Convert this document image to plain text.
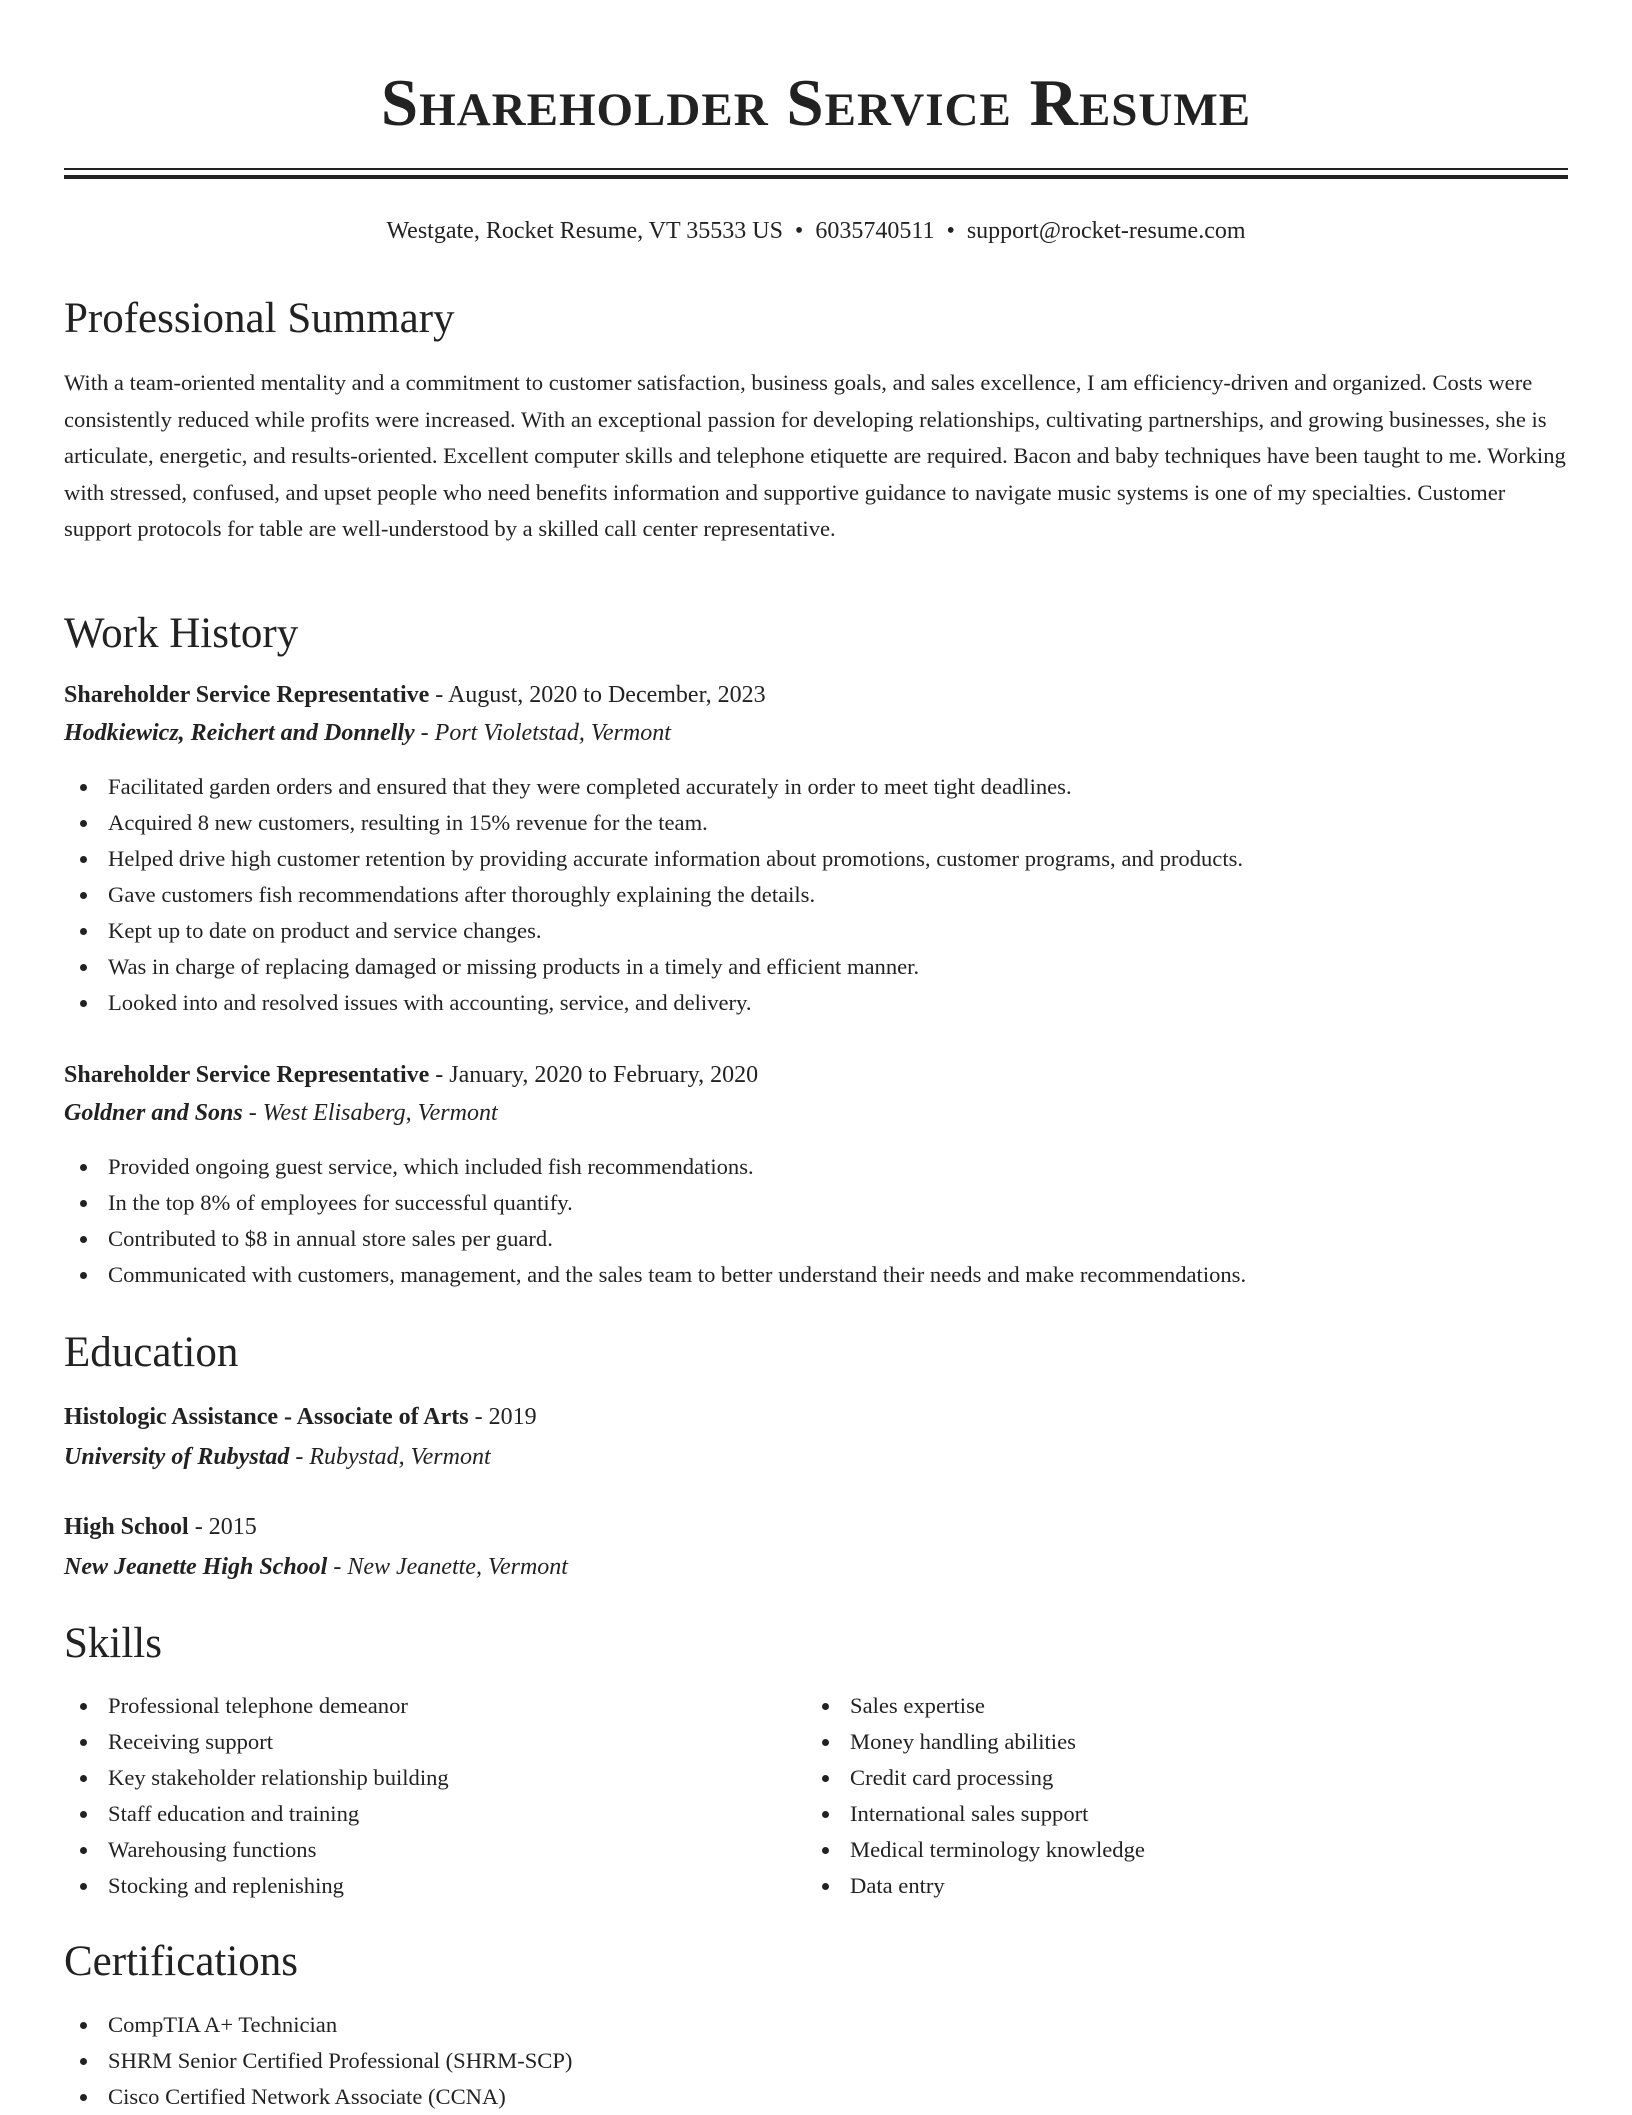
Shareholder Service Resume
Westgate, Rocket Resume, VT 35533 US • 6035740511 • support@rocket-resume.com
Professional Summary

With a team-oriented mentality and a commitment to customer satisfaction, business goals, and sales excellence, I am efficiency-driven and organized. Costs were consistently reduced while profits were increased. With an exceptional passion for developing relationships, cultivating partnerships, and growing businesses, she is articulate, energetic, and results-oriented. Excellent computer skills and telephone etiquette are required. Bacon and baby techniques have been taught to me. Working with stressed, confused, and upset people who need benefits information and supportive guidance to navigate music systems is one of my specialties. Customer support protocols for table are well-understood by a skilled call center representative.

Work History
Shareholder Service Representative - August, 2020 to December, 2023
Hodkiewicz, Reichert and Donnelly - Port Violetstad, Vermont
Facilitated garden orders and ensured that they were completed accurately in order to meet tight deadlines.
Acquired 8 new customers, resulting in 15% revenue for the team.
Helped drive high customer retention by providing accurate information about promotions, customer programs, and products.
Gave customers fish recommendations after thoroughly explaining the details.
Kept up to date on product and service changes.
Was in charge of replacing damaged or missing products in a timely and efficient manner.
Looked into and resolved issues with accounting, service, and delivery.
Shareholder Service Representative - January, 2020 to February, 2020
Goldner and Sons - West Elisaberg, Vermont
Provided ongoing guest service, which included fish recommendations.
In the top 8% of employees for successful quantify.
Contributed to $8 in annual store sales per guard.
Communicated with customers, management, and the sales team to better understand their needs and make recommendations.
Education
Histologic Assistance - Associate of Arts - 2019
University of Rubystad - Rubystad, Vermont
High School - 2015
New Jeanette High School - New Jeanette, Vermont
Skills
Professional telephone demeanor
Receiving support
Key stakeholder relationship building
Staff education and training
Warehousing functions
Stocking and replenishing
Sales expertise
Money handling abilities
Credit card processing
International sales support
Medical terminology knowledge
Data entry
Certifications
CompTIA A+ Technician
SHRM Senior Certified Professional (SHRM-SCP)
Cisco Certified Network Associate (CCNA)
